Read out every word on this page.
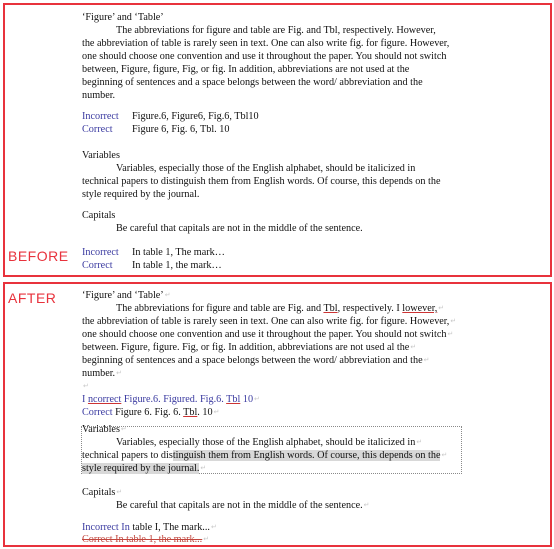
BEFORE
‘Figure’ and ‘Table’
The abbreviations for figure and table are Fig. and Tbl, respectively. However,
the abbreviation of table is rarely seen in text. One can also write fig. for figure. However,
one should choose one convention and use it throughout the paper. You should not switch
between, Figure, figure, Fig, or fig. In addition, abbreviations are not used at the
beginning of sentences and a space belongs between the word/ abbreviation and the
number.
Incorrect Figure.6, Figure6, Fig.6, Tbl10
Correct Figure 6, Fig. 6, Tbl. 10
Variables
Variables, especially those of the English alphabet, should be italicized in
technical papers to distinguish them from English words. Of course, this depends on the
style required by the journal.
Capitals
Be careful that capitals are not in the middle of the sentence.
Incorrect In table 1, The mark…
Correct In table 1, the mark…
AFTER	‘Figure’ and ‘Table’↵
The abbreviations for figure and table are Fig. and Tbl, respectively. I lowever,↵
the abbreviation of table is rarely seen in text. One can also write fig. for figure. However,↵
one should choose one convention and use it throughout the paper. You should not switch↵
between. Figure, figure. Fig, or fig. In addition, abbreviations are not used al the↵
beginning of sentences and a space belongs between the word/ abbreviation and the↵
number.↵
↵
I ncorrect Figure.6. Figured. Fig.6. Tbl 10↵
Correct Figure 6. Fig. 6. Tbl. 10↵
Variables↵
Variables, especially those of the English alphabet, should be italicized in↵
technical papers to distinguish them from English words. Of course, this depends on the↵
style required by the journal.↵
Capitals↵
Be careful that capitals are not in the middle of the sentence.↵
Incorrect In table I, The mark...↵
Correct In table 1, the mark...↵
